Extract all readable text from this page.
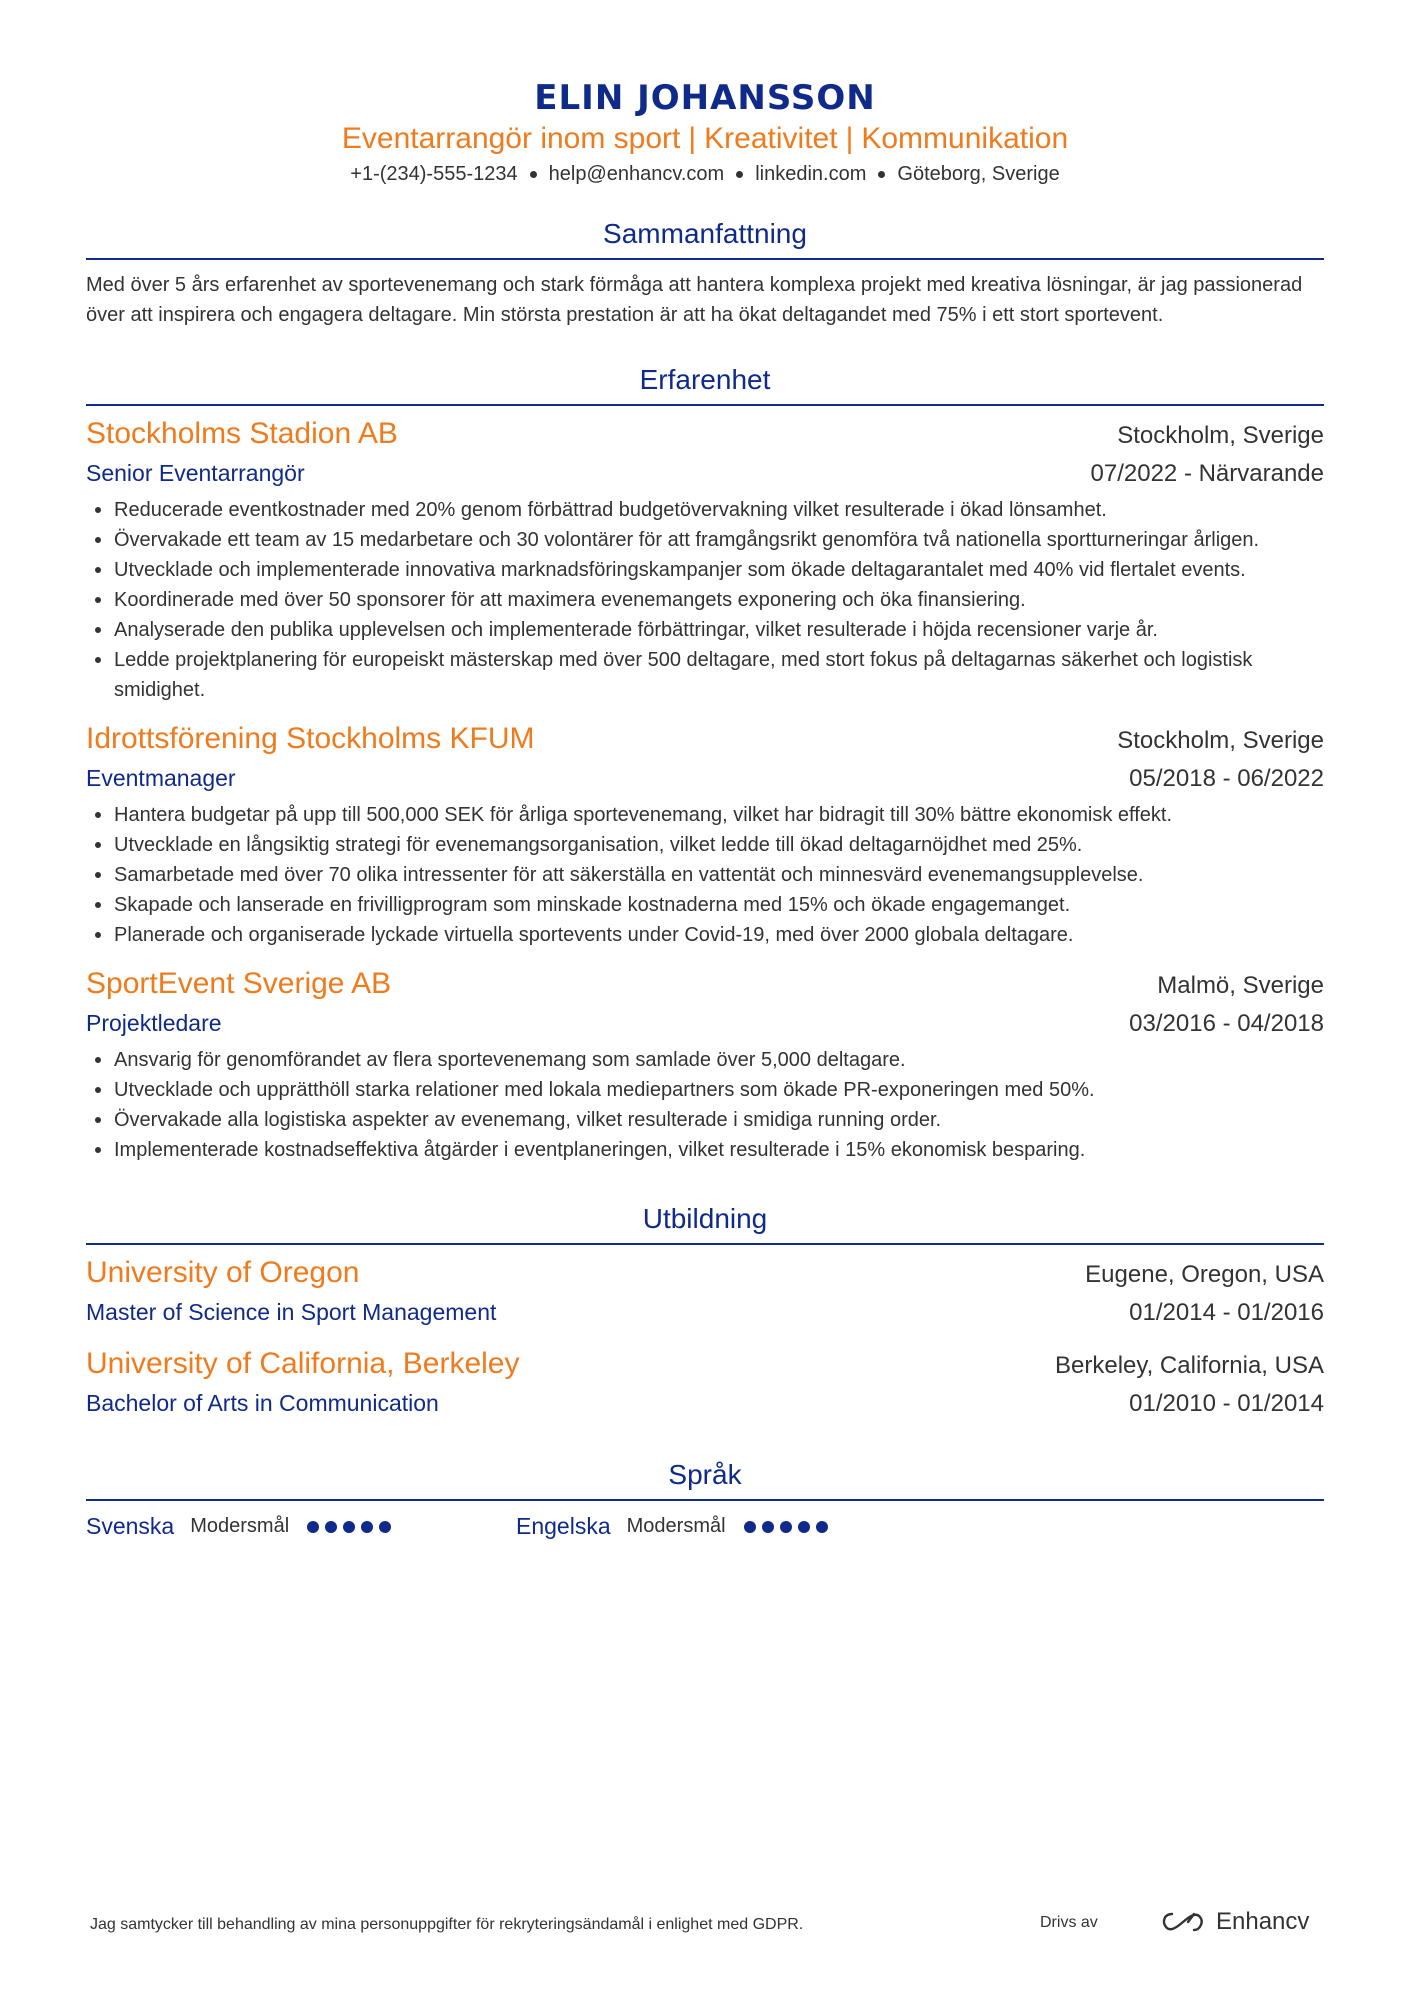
ELIN JOHANSSON
Eventarrangör inom sport | Kreativitet | Kommunikation
+1-(234)-555-1234 help@enhancv.com linkedin.com Göteborg, Sverige
Sammanfattning
Med över 5 års erfarenhet av sportevenemang och stark förmåga att hantera komplexa projekt med kreativa lösningar, är jag passionerad över att inspirera och engagera deltagare. Min största prestation är att ha ökat deltagandet med 75% i ett stort sportevent.
Erfarenhet
Stockholms Stadion AB	Stockholm, Sverige
Senior Eventarrangör	07/2022 - Närvarande
Reducerade eventkostnader med 20% genom förbättrad budgetövervakning vilket resulterade i ökad lönsamhet.
Övervakade ett team av 15 medarbetare och 30 volontärer för att framgångsrikt genomföra två nationella sportturneringar årligen.
Utvecklade och implementerade innovativa marknadsföringskampanjer som ökade deltagarantalet med 40% vid flertalet events.
Koordinerade med över 50 sponsorer för att maximera evenemangets exponering och öka finansiering.
Analyserade den publika upplevelsen och implementerade förbättringar, vilket resulterade i höjda recensioner varje år.
Ledde projektplanering för europeiskt mästerskap med över 500 deltagare, med stort fokus på deltagarnas säkerhet och logistisk smidighet.
Idrottsförening Stockholms KFUM	Stockholm, Sverige
Eventmanager	05/2018 - 06/2022
Hantera budgetar på upp till 500,000 SEK för årliga sportevenemang, vilket har bidragit till 30% bättre ekonomisk effekt.
Utvecklade en långsiktig strategi för evenemangsorganisation, vilket ledde till ökad deltagarnöjdhet med 25%.
Samarbetade med över 70 olika intressenter för att säkerställa en vattentät och minnesvärd evenemangsupplevelse.
Skapade och lanserade en frivilligprogram som minskade kostnaderna med 15% och ökade engagemanget.
Planerade och organiserade lyckade virtuella sportevents under Covid-19, med över 2000 globala deltagare.
SportEvent Sverige AB	Malmö, Sverige
Projektledare	03/2016 - 04/2018
Ansvarig för genomförandet av flera sportevenemang som samlade över 5,000 deltagare.
Utvecklade och upprätthöll starka relationer med lokala mediepartners som ökade PR-exponeringen med 50%.
Övervakade alla logistiska aspekter av evenemang, vilket resulterade i smidiga running order.
Implementerade kostnadseffektiva åtgärder i eventplaneringen, vilket resulterade i 15% ekonomisk besparing.
Utbildning
University of Oregon	Eugene, Oregon, USA
Master of Science in Sport Management	01/2014 - 01/2016
University of California, Berkeley	Berkeley, California, USA
Bachelor of Arts in Communication	01/2010 - 01/2014
Språk
Svenska Modersmål	Engelska Modersmål
Jag samtycker till behandling av mina personuppgifter för rekryteringsändamål i enlighet med GDPR.	Drivs av	Enhancv
